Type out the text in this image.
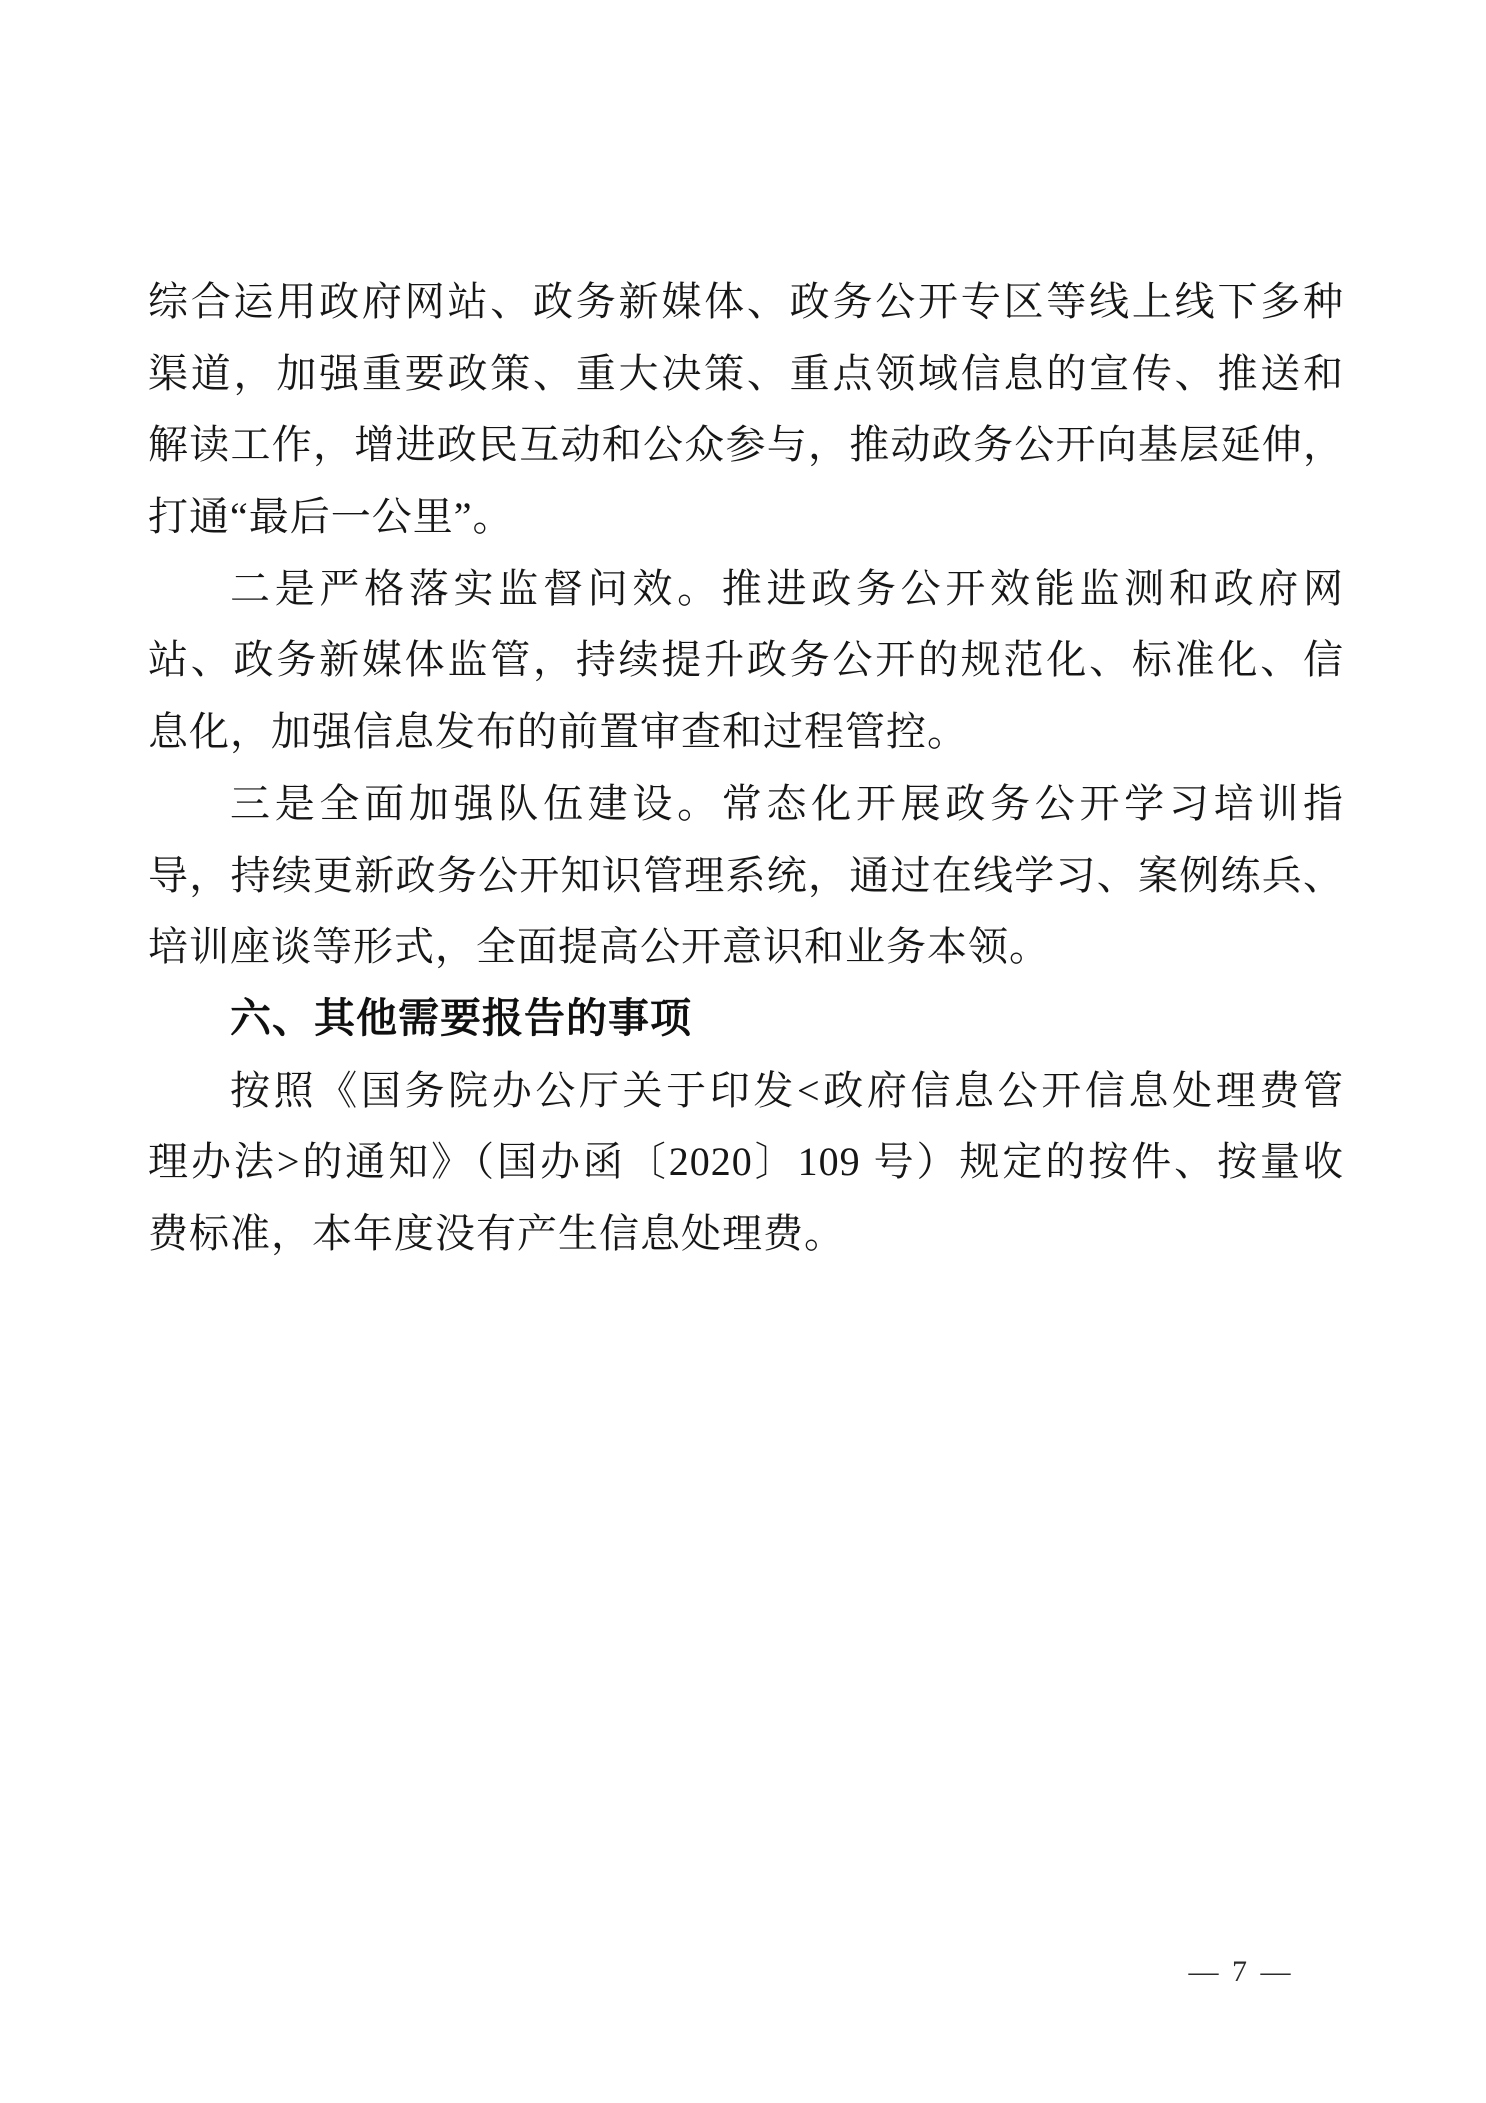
综合运用政府网站、政务新媒体、政务公开专区等线上线下多种
渠道，加强重要政策、重大决策、重点领域信息的宣传、推送和
解读工作，增进政民互动和公众参与，推动政务公开向基层延伸，
打通“最后一公里”。
二是严格落实监督问效。推进政务公开效能监测和政府网
站、政务新媒体监管，持续提升政务公开的规范化、标准化、信
息化，加强信息发布的前置审查和过程管控。
三是全面加强队伍建设。常态化开展政务公开学习培训指
导，持续更新政务公开知识管理系统，通过在线学习、案例练兵、
培训座谈等形式，全面提高公开意识和业务本领。
六、其他需要报告的事项
按照《国务院办公厅关于印发<政府信息公开信息处理费管
理办法>的通知》（国办函〔2020〕109 号）规定的按件、按量收
费标准，本年度没有产生信息处理费。
— 7 —
